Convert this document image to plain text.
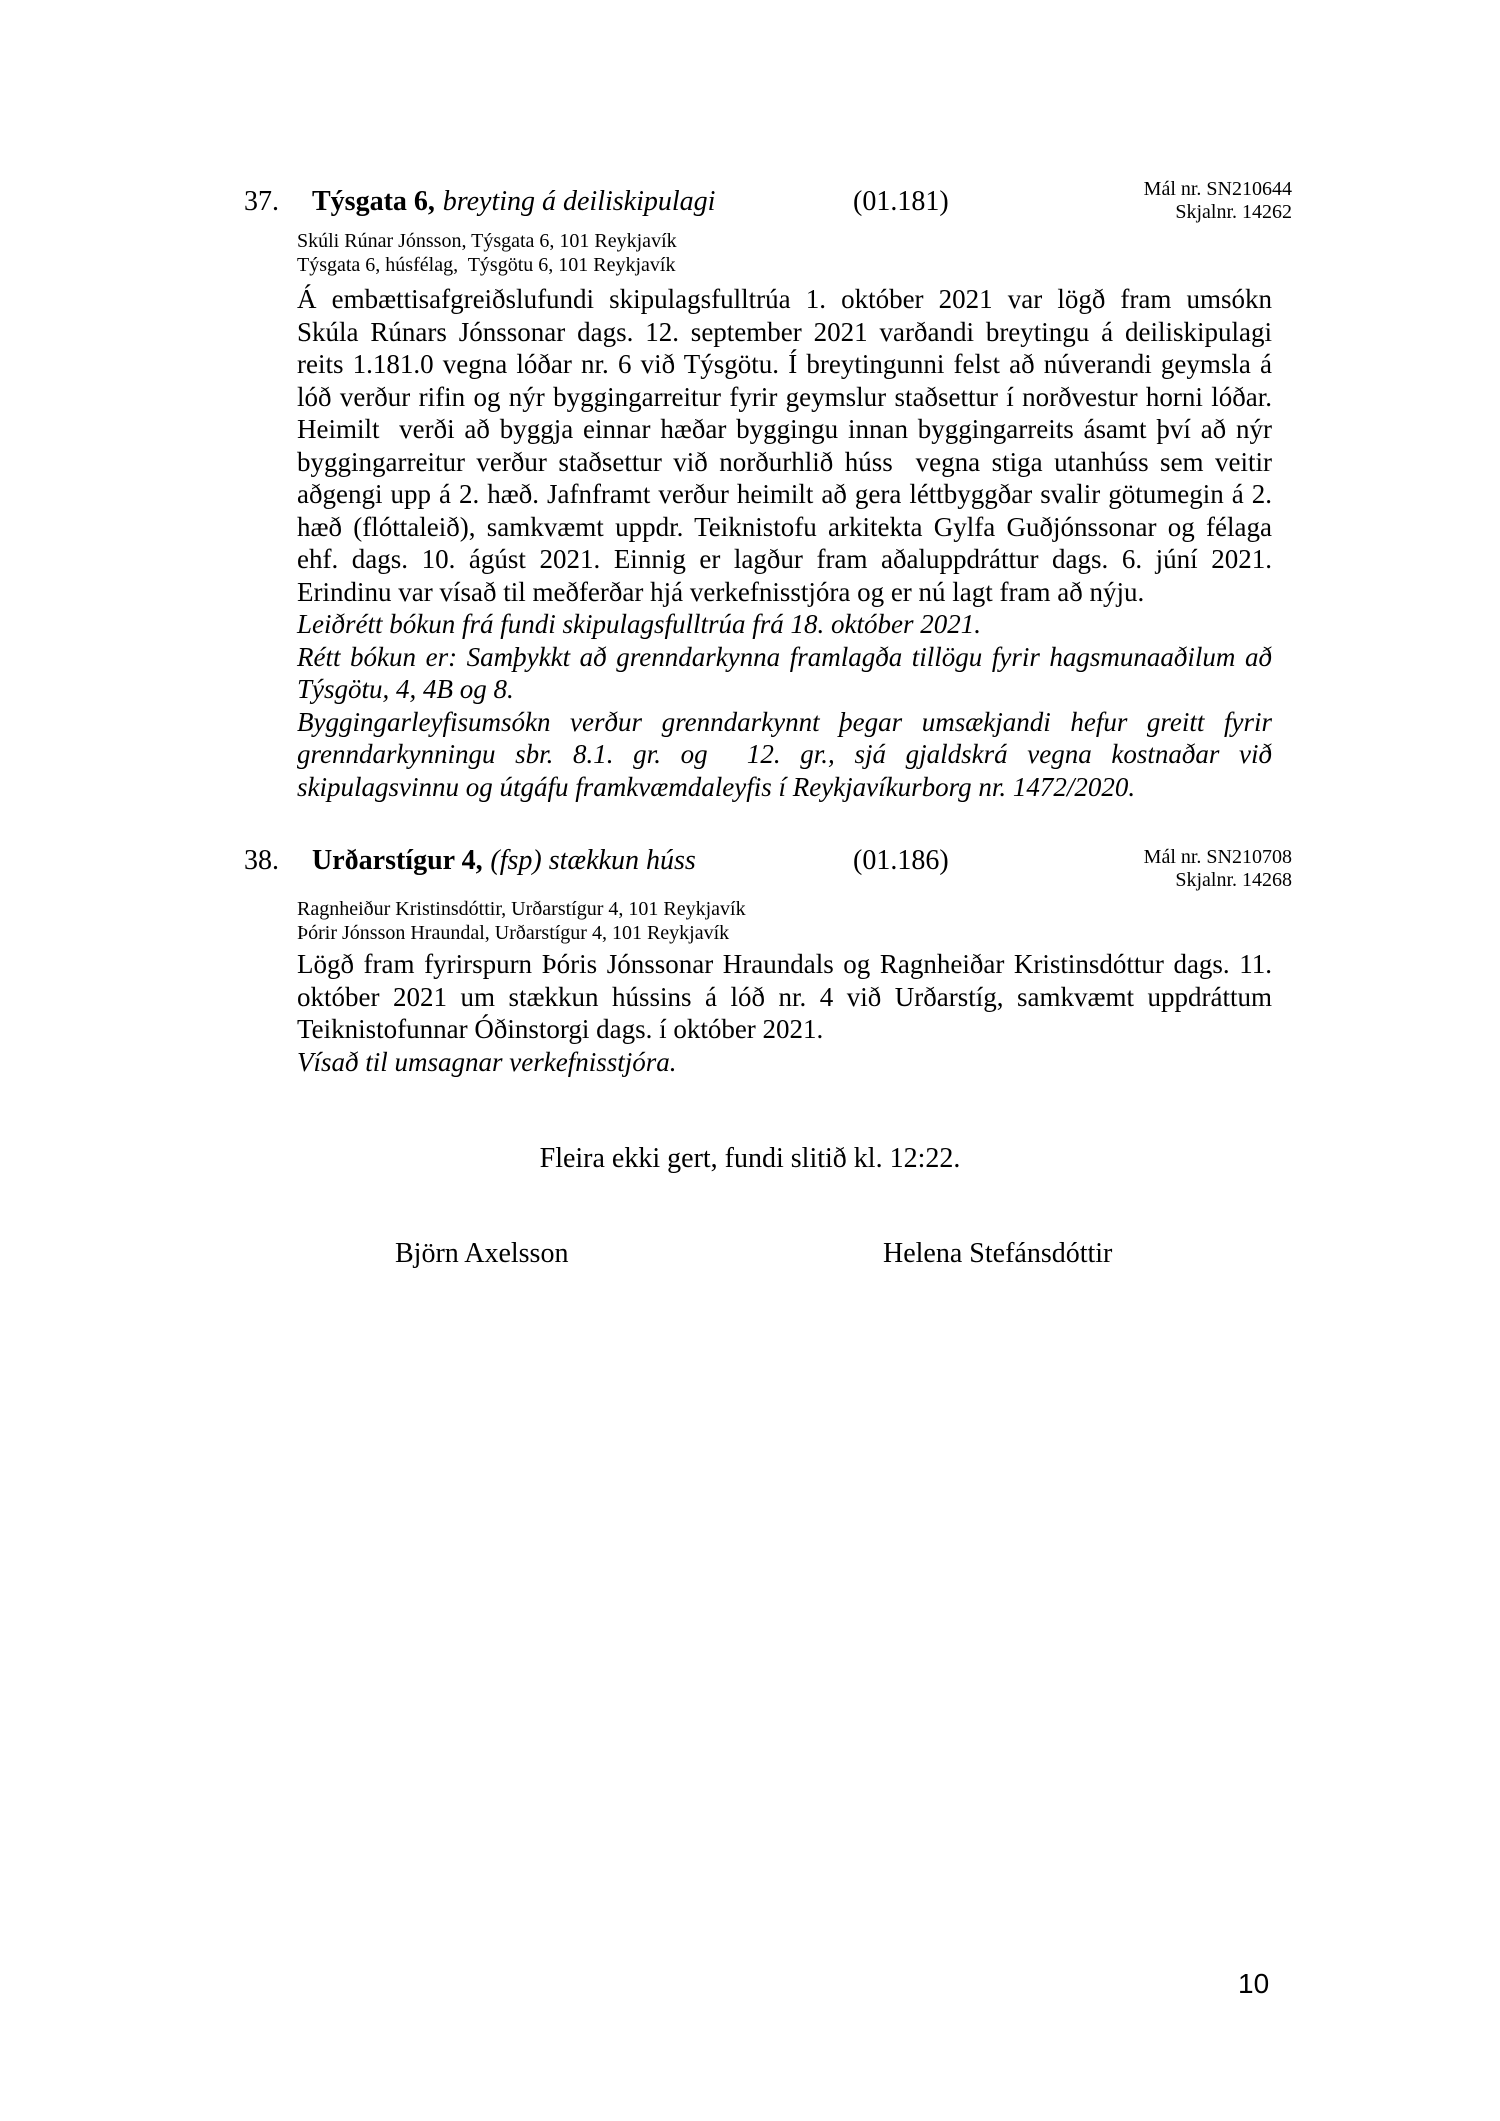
37. Týsgata 6, breyting á deiliskipulagi	(01.181)	Mál nr. SN210644
Skjalnr. 14262
Skúli Rúnar Jónsson, Týsgata 6, 101 Reykjavík
Týsgata 6, húsfélag,  Týsgötu 6, 101 Reykjavík
Á embættisafgreiðslufundi skipulagsfulltrúa 1. október 2021 var lögð fram umsókn
Skúla Rúnars Jónssonar dags. 12. september 2021 varðandi breytingu á deiliskipulagi
reits 1.181.0 vegna lóðar nr. 6 við Týsgötu. Í breytingunni felst að núverandi geymsla á
lóð verður rifin og nýr byggingarreitur fyrir geymslur staðsettur í norðvestur horni lóðar.
Heimilt  verði að byggja einnar hæðar byggingu innan byggingarreits ásamt því að nýr
byggingarreitur verður staðsettur við norðurhlið húss  vegna stiga utanhúss sem veitir
aðgengi upp á 2. hæð. Jafnframt verður heimilt að gera léttbyggðar svalir götumegin á 2.
hæð (flóttaleið), samkvæmt uppdr. Teiknistofu arkitekta Gylfa Guðjónssonar og félaga
ehf. dags. 10. ágúst 2021. Einnig er lagður fram aðaluppdráttur dags. 6. júní 2021.
Erindinu var vísað til meðferðar hjá verkefnisstjóra og er nú lagt fram að nýju.
Leiðrétt bókun frá fundi skipulagsfulltrúa frá 18. október 2021.
Rétt bókun er: Samþykkt að grenndarkynna framlagða tillögu fyrir hagsmunaaðilum að
Týsgötu, 4, 4B og 8.
Byggingarleyfisumsókn verður grenndarkynnt þegar umsækjandi hefur greitt fyrir
grenndarkynningu sbr. 8.1. gr. og  12. gr., sjá gjaldskrá vegna kostnaðar við
skipulagsvinnu og útgáfu framkvæmdaleyfis í Reykjavíkurborg nr. 1472/2020.
38. Urðarstígur 4, (fsp) stækkun húss	(01.186)	Mál nr. SN210708
Skjalnr. 14268
Ragnheiður Kristinsdóttir, Urðarstígur 4, 101 Reykjavík
Þórir Jónsson Hraundal, Urðarstígur 4, 101 Reykjavík
Lögð fram fyrirspurn Þóris Jónssonar Hraundals og Ragnheiðar Kristinsdóttur dags. 11.
október 2021 um stækkun hússins á lóð nr. 4 við Urðarstíg, samkvæmt uppdráttum
Teiknistofunnar Óðinstorgi dags. í október 2021.
Vísað til umsagnar verkefnisstjóra.
Fleira ekki gert, fundi slitið kl. 12:22.
Björn Axelsson	Helena Stefánsdóttir
10
